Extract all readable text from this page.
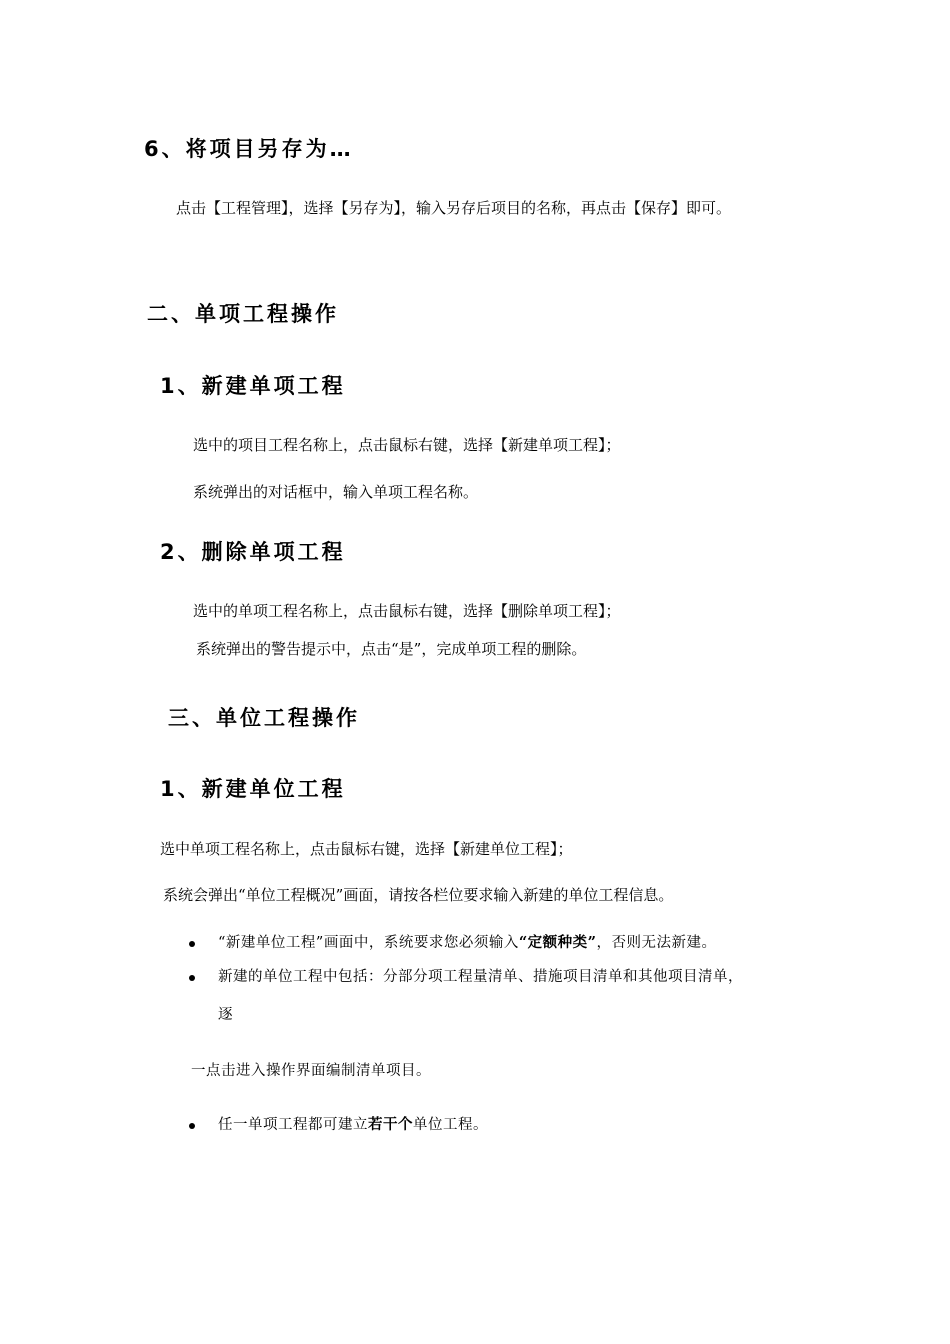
6、将项目另存为…
点击【工程管理】，选择【另存为】，输入另存后项目的名称，再点击【保存】即可。
二、单项工程操作
1、新建单项工程
选中的项目工程名称上，点击鼠标右键，选择【新建单项工程】；
系统弹出的对话框中，输入单项工程名称。
2、删除单项工程
选中的单项工程名称上，点击鼠标右键，选择【删除单项工程】；
系统弹出的警告提示中，点击“是”，完成单项工程的删除。
三、单位工程操作
1、新建单位工程
选中单项工程名称上，点击鼠标右键，选择【新建单位工程】；
系统会弹出“单位工程概况”画面，请按各栏位要求输入新建的单位工程信息。
“新建单位工程”画面中，系统要求您必须输入“定额种类”，否则无法新建。
新建的单位工程中包括：分部分项工程量清单、措施项目清单和其他项目清单，
逐
一点击进入操作界面编制清单项目。
任一单项工程都可建立若干个单位工程。
